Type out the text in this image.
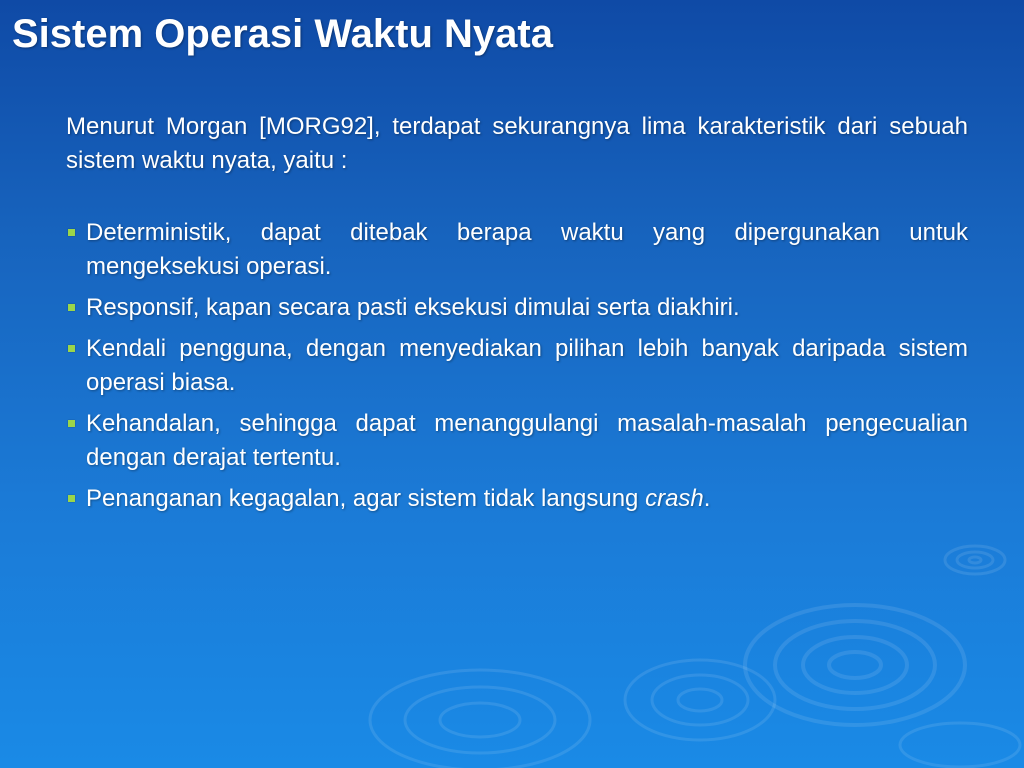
Sistem Operasi Waktu Nyata

Menurut Morgan [MORG92], terdapat sekurangnya lima karakteristik dari sebuah sistem waktu nyata, yaitu :

Deterministik, dapat ditebak berapa waktu yang dipergunakan untuk mengeksekusi operasi.
Responsif, kapan secara pasti eksekusi dimulai serta diakhiri.
Kendali pengguna, dengan menyediakan pilihan lebih banyak daripada sistem operasi biasa.
Kehandalan, sehingga dapat menanggulangi masalah-masalah pengecualian dengan derajat tertentu.
Penanganan kegagalan, agar sistem tidak langsung crash.
